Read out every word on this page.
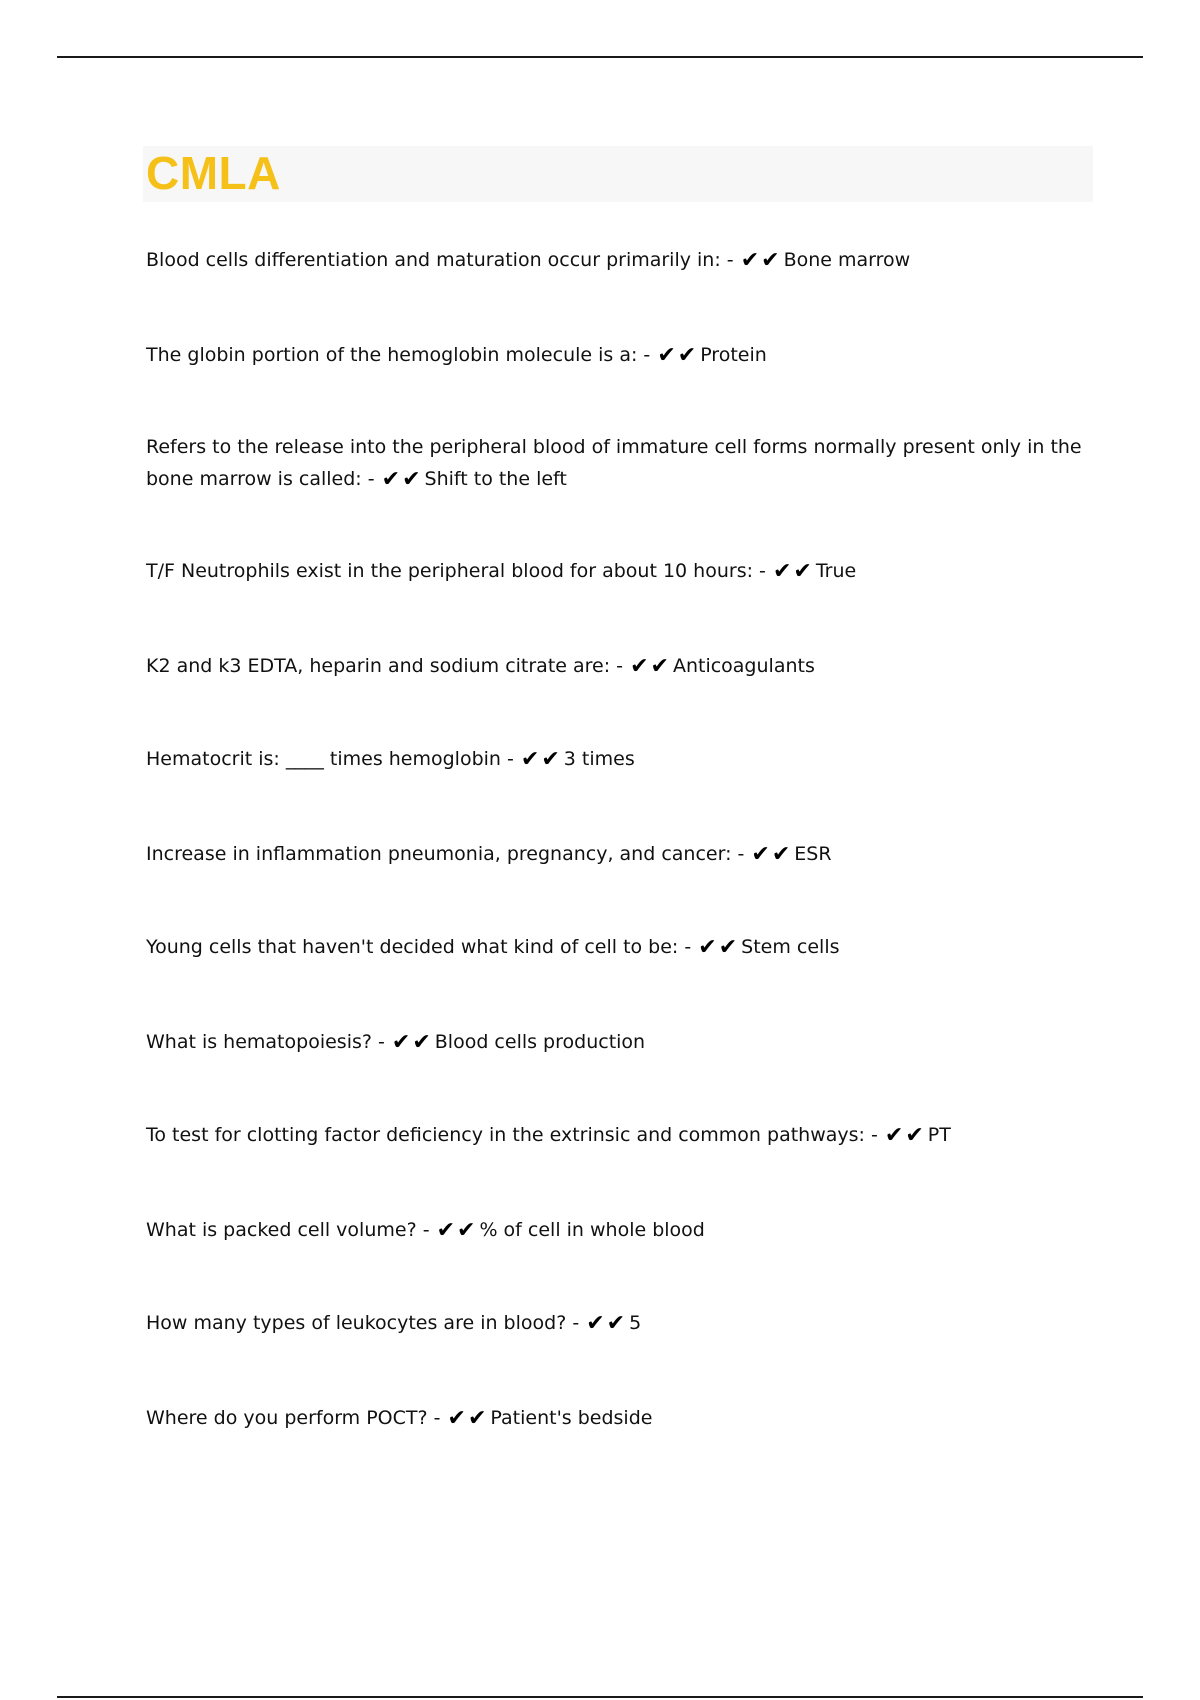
CMLA
Blood cells differentiation and maturation occur primarily in: - ✔✔ Bone marrow
The globin portion of the hemoglobin molecule is a: - ✔✔ Protein
Refers to the release into the peripheral blood of immature cell forms normally present only in the bone marrow is called: - ✔✔ Shift to the left
T/F Neutrophils exist in the peripheral blood for about 10 hours: - ✔✔ True
K2 and k3 EDTA, heparin and sodium citrate are: - ✔✔ Anticoagulants
Hematocrit is: ____ times hemoglobin - ✔✔ 3 times
Increase in inflammation pneumonia, pregnancy, and cancer: - ✔✔ ESR
Young cells that haven't decided what kind of cell to be: - ✔✔ Stem cells
What is hematopoiesis? - ✔✔ Blood cells production
To test for clotting factor deficiency in the extrinsic and common pathways: - ✔✔ PT
What is packed cell volume? - ✔✔ % of cell in whole blood
How many types of leukocytes are in blood? - ✔✔ 5
Where do you perform POCT? - ✔✔ Patient's bedside
